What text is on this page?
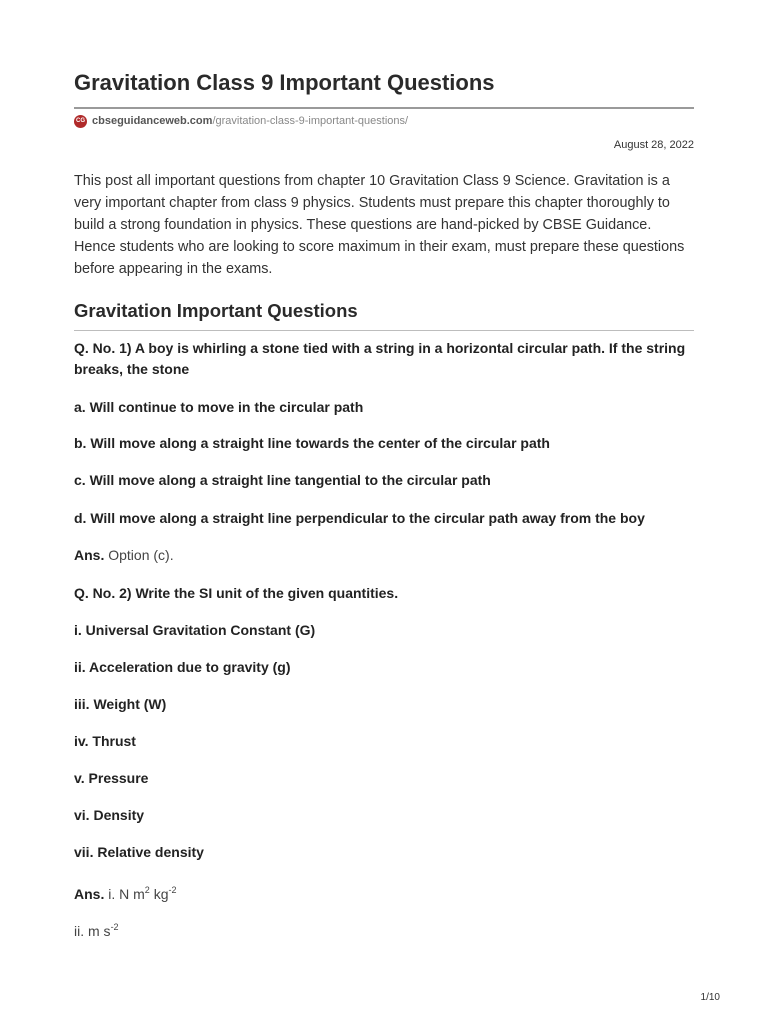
Gravitation Class 9 Important Questions
CG cbseguidanceweb.com /gravitation-class-9-important-questions/
August 28, 2022

This post all important questions from chapter 10 Gravitation Class 9 Science. Gravitation is a very important chapter from class 9 physics. Students must prepare this chapter thoroughly to build a strong foundation in physics. These questions are hand-picked by CBSE Guidance. Hence students who are looking to score maximum in their exam, must prepare these questions before appearing in the exams.

Gravitation Important Questions

Q. No. 1) A boy is whirling a stone tied with a string in a horizontal circular path. If the string breaks, the stone

a. Will continue to move in the circular path

b. Will move along a straight line towards the center of the circular path

c. Will move along a straight line tangential to the circular path

d. Will move along a straight line perpendicular to the circular path away from the boy

Ans. Option (c).

Q. No. 2) Write the SI unit of the given quantities.

i. Universal Gravitation Constant (G)

ii. Acceleration due to gravity (g)

iii. Weight (W)

iv. Thrust

v. Pressure

vi. Density

vii. Relative density

Ans. i. N $m^2$ $kg^{-2}$

ii. m $s^{-2}$

1/10
